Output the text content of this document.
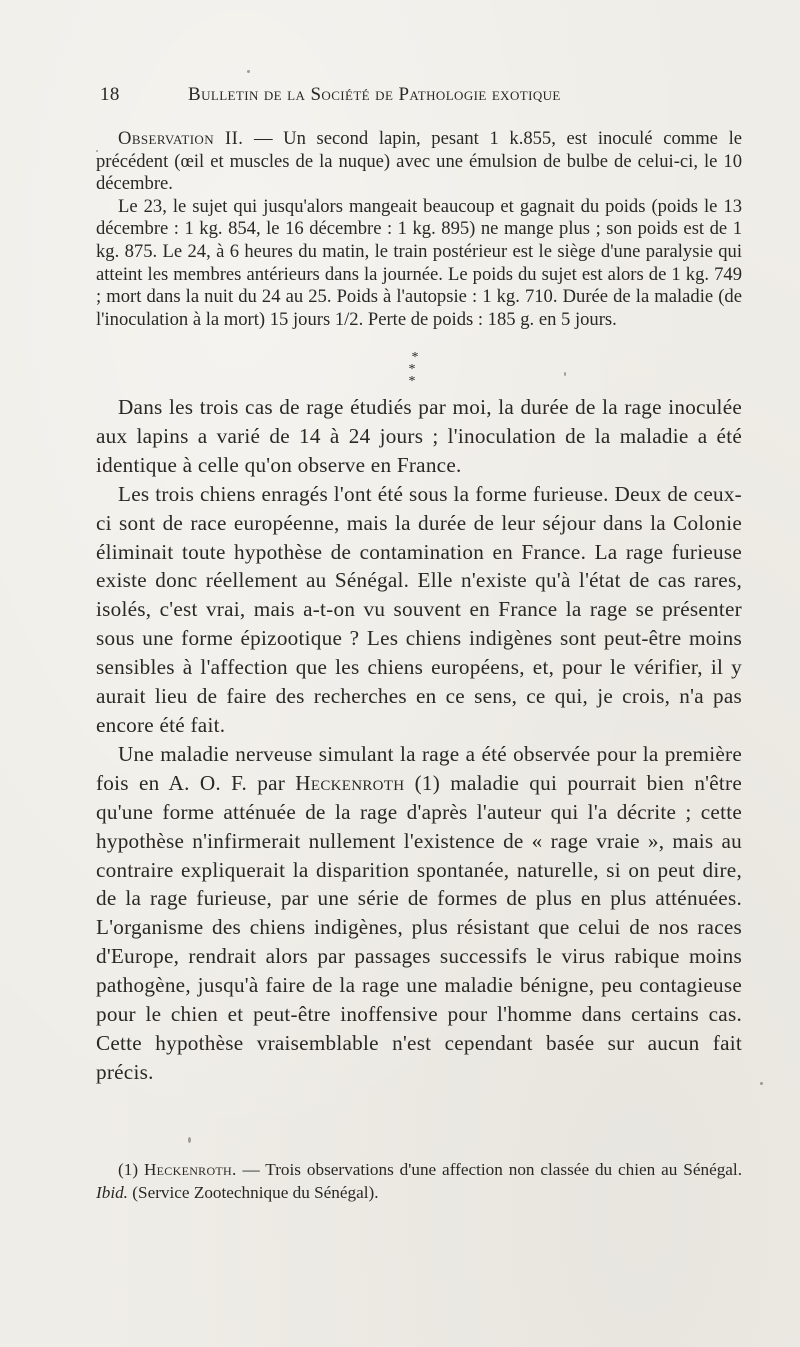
18	Bulletin de la Société de Pathologie exotique

Observation II. — Un second lapin, pesant 1 k.855, est inoculé comme le précédent (œil et muscles de la nuque) avec une émulsion de bulbe de celui-ci, le 10 décembre.

Le 23, le sujet qui jusqu'alors mangeait beaucoup et gagnait du poids (poids le 13 décembre : 1 kg. 854, le 16 décembre : 1 kg. 895) ne mange plus ; son poids est de 1 kg. 875. Le 24, à 6 heures du matin, le train postérieur est le siège d'une paralysie qui atteint les membres antérieurs dans la journée. Le poids du sujet est alors de 1 kg. 749 ; mort dans la nuit du 24 au 25. Poids à l'autopsie : 1 kg. 710. Durée de la maladie (de l'inoculation à la mort) 15 jours 1/2. Perte de poids : 185 g. en 5 jours.

*
* *

Dans les trois cas de rage étudiés par moi, la durée de la rage inoculée aux lapins a varié de 14 à 24 jours ; l'inoculation de la maladie a été identique à celle qu'on observe en France.

Les trois chiens enragés l'ont été sous la forme furieuse. Deux de ceux-ci sont de race européenne, mais la durée de leur séjour dans la Colonie éliminait toute hypothèse de contamination en France. La rage furieuse existe donc réellement au Sénégal. Elle n'existe qu'à l'état de cas rares, isolés, c'est vrai, mais a-t-on vu souvent en France la rage se présenter sous une forme épizootique ? Les chiens indigènes sont peut-être moins sensibles à l'affection que les chiens européens, et, pour le vérifier, il y aurait lieu de faire des recherches en ce sens, ce qui, je crois, n'a pas encore été fait.

Une maladie nerveuse simulant la rage a été observée pour la première fois en A. O. F. par Heckenroth (1) maladie qui pourrait bien n'être qu'une forme atténuée de la rage d'après l'auteur qui l'a décrite ; cette hypothèse n'infirmerait nullement l'existence de « rage vraie », mais au contraire expliquerait la disparition spontanée, naturelle, si on peut dire, de la rage furieuse, par une série de formes de plus en plus atténuées. L'organisme des chiens indigènes, plus résistant que celui de nos races d'Europe, rendrait alors par passages successifs le virus rabique moins pathogène, jusqu'à faire de la rage une maladie bénigne, peu contagieuse pour le chien et peut-être inoffensive pour l'homme dans certains cas. Cette hypothèse vraisemblable n'est cependant basée sur aucun fait précis.

(1) Heckenroth. — Trois observations d'une affection non classée du chien au Sénégal. Ibid. (Service Zootechnique du Sénégal).
